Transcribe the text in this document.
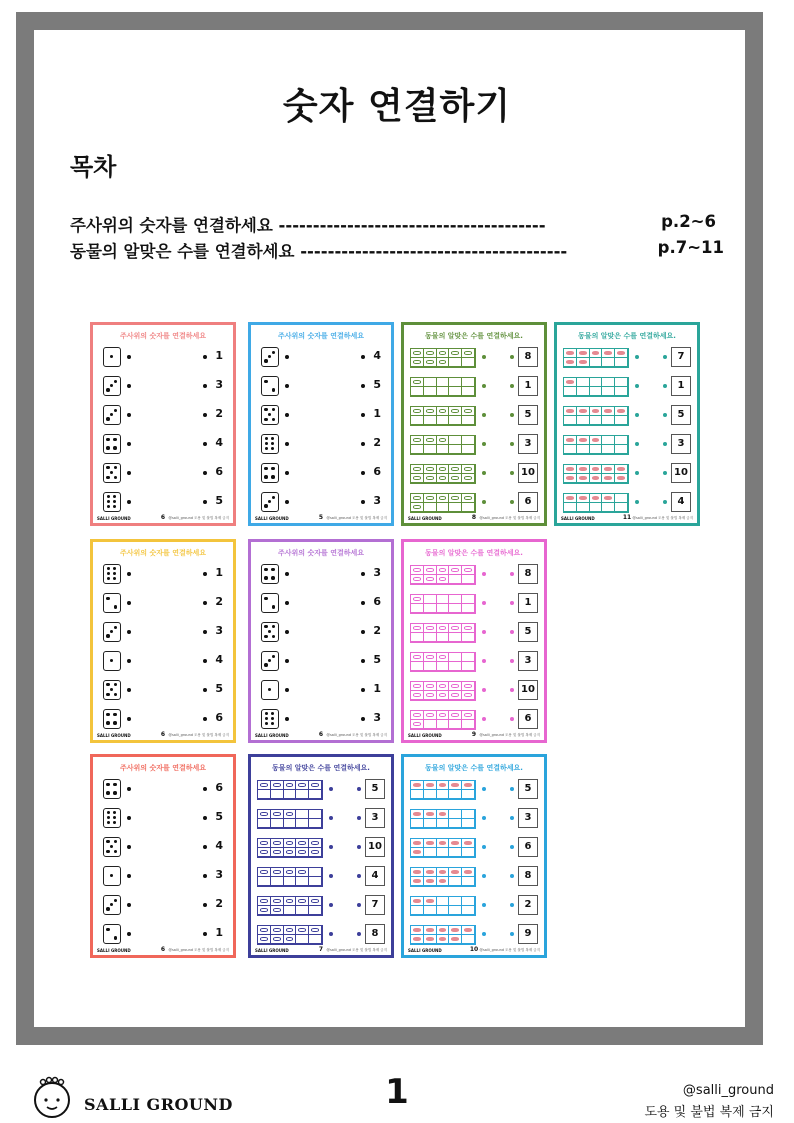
숫자 연결하기
목차
주사위의 숫자를 연결하세요 ---------------------------------------	p.2~6
동물의 알맞은 수를 연결하세요 ---------------------------------------	p.7~11
주사위의 숫자를 연결하세요
1
3
2
4
6
5
SALLI GROUND	6 @salli_ground 도용 및 불법 복제 금지
주사위의 숫자를 연결하세요
4
5
1
2
6
3
SALLI GROUND	5 @salli_ground 도용 및 불법 복제 금지
동물의 알맞은 수를 연결하세요.
8
1
5
3
10
6
SALLI GROUND	8 @salli_ground 도용 및 불법 복제 금지
동물의 알맞은 수를 연결하세요.
7
1
5
3
10
4
SALLI GROUND	11 @salli_ground 도용 및 불법 복제 금지
주사위의 숫자를 연결하세요
1
2
3
4
5
6
SALLI GROUND	6 @salli_ground 도용 및 불법 복제 금지
주사위의 숫자를 연결하세요
3
6
2
5
1
3
SALLI GROUND	6 @salli_ground 도용 및 불법 복제 금지
동물의 알맞은 수를 연결하세요.
8
1
5
3
10
6
SALLI GROUND	9 @salli_ground 도용 및 불법 복제 금지
주사위의 숫자를 연결하세요
6
5
4
3
2
1
SALLI GROUND	6 @salli_ground 도용 및 불법 복제 금지
동물의 알맞은 수를 연결하세요.
5
3
10
4
7
8
SALLI GROUND	7 @salli_ground 도용 및 불법 복제 금지
동물의 알맞은 수를 연결하세요.
5
3
6
8
2
9
SALLI GROUND	10 @salli_ground 도용 및 불법 복제 금지
SALLI GROUND	1	@salli_ground
도용 및 불법 복제 금지
